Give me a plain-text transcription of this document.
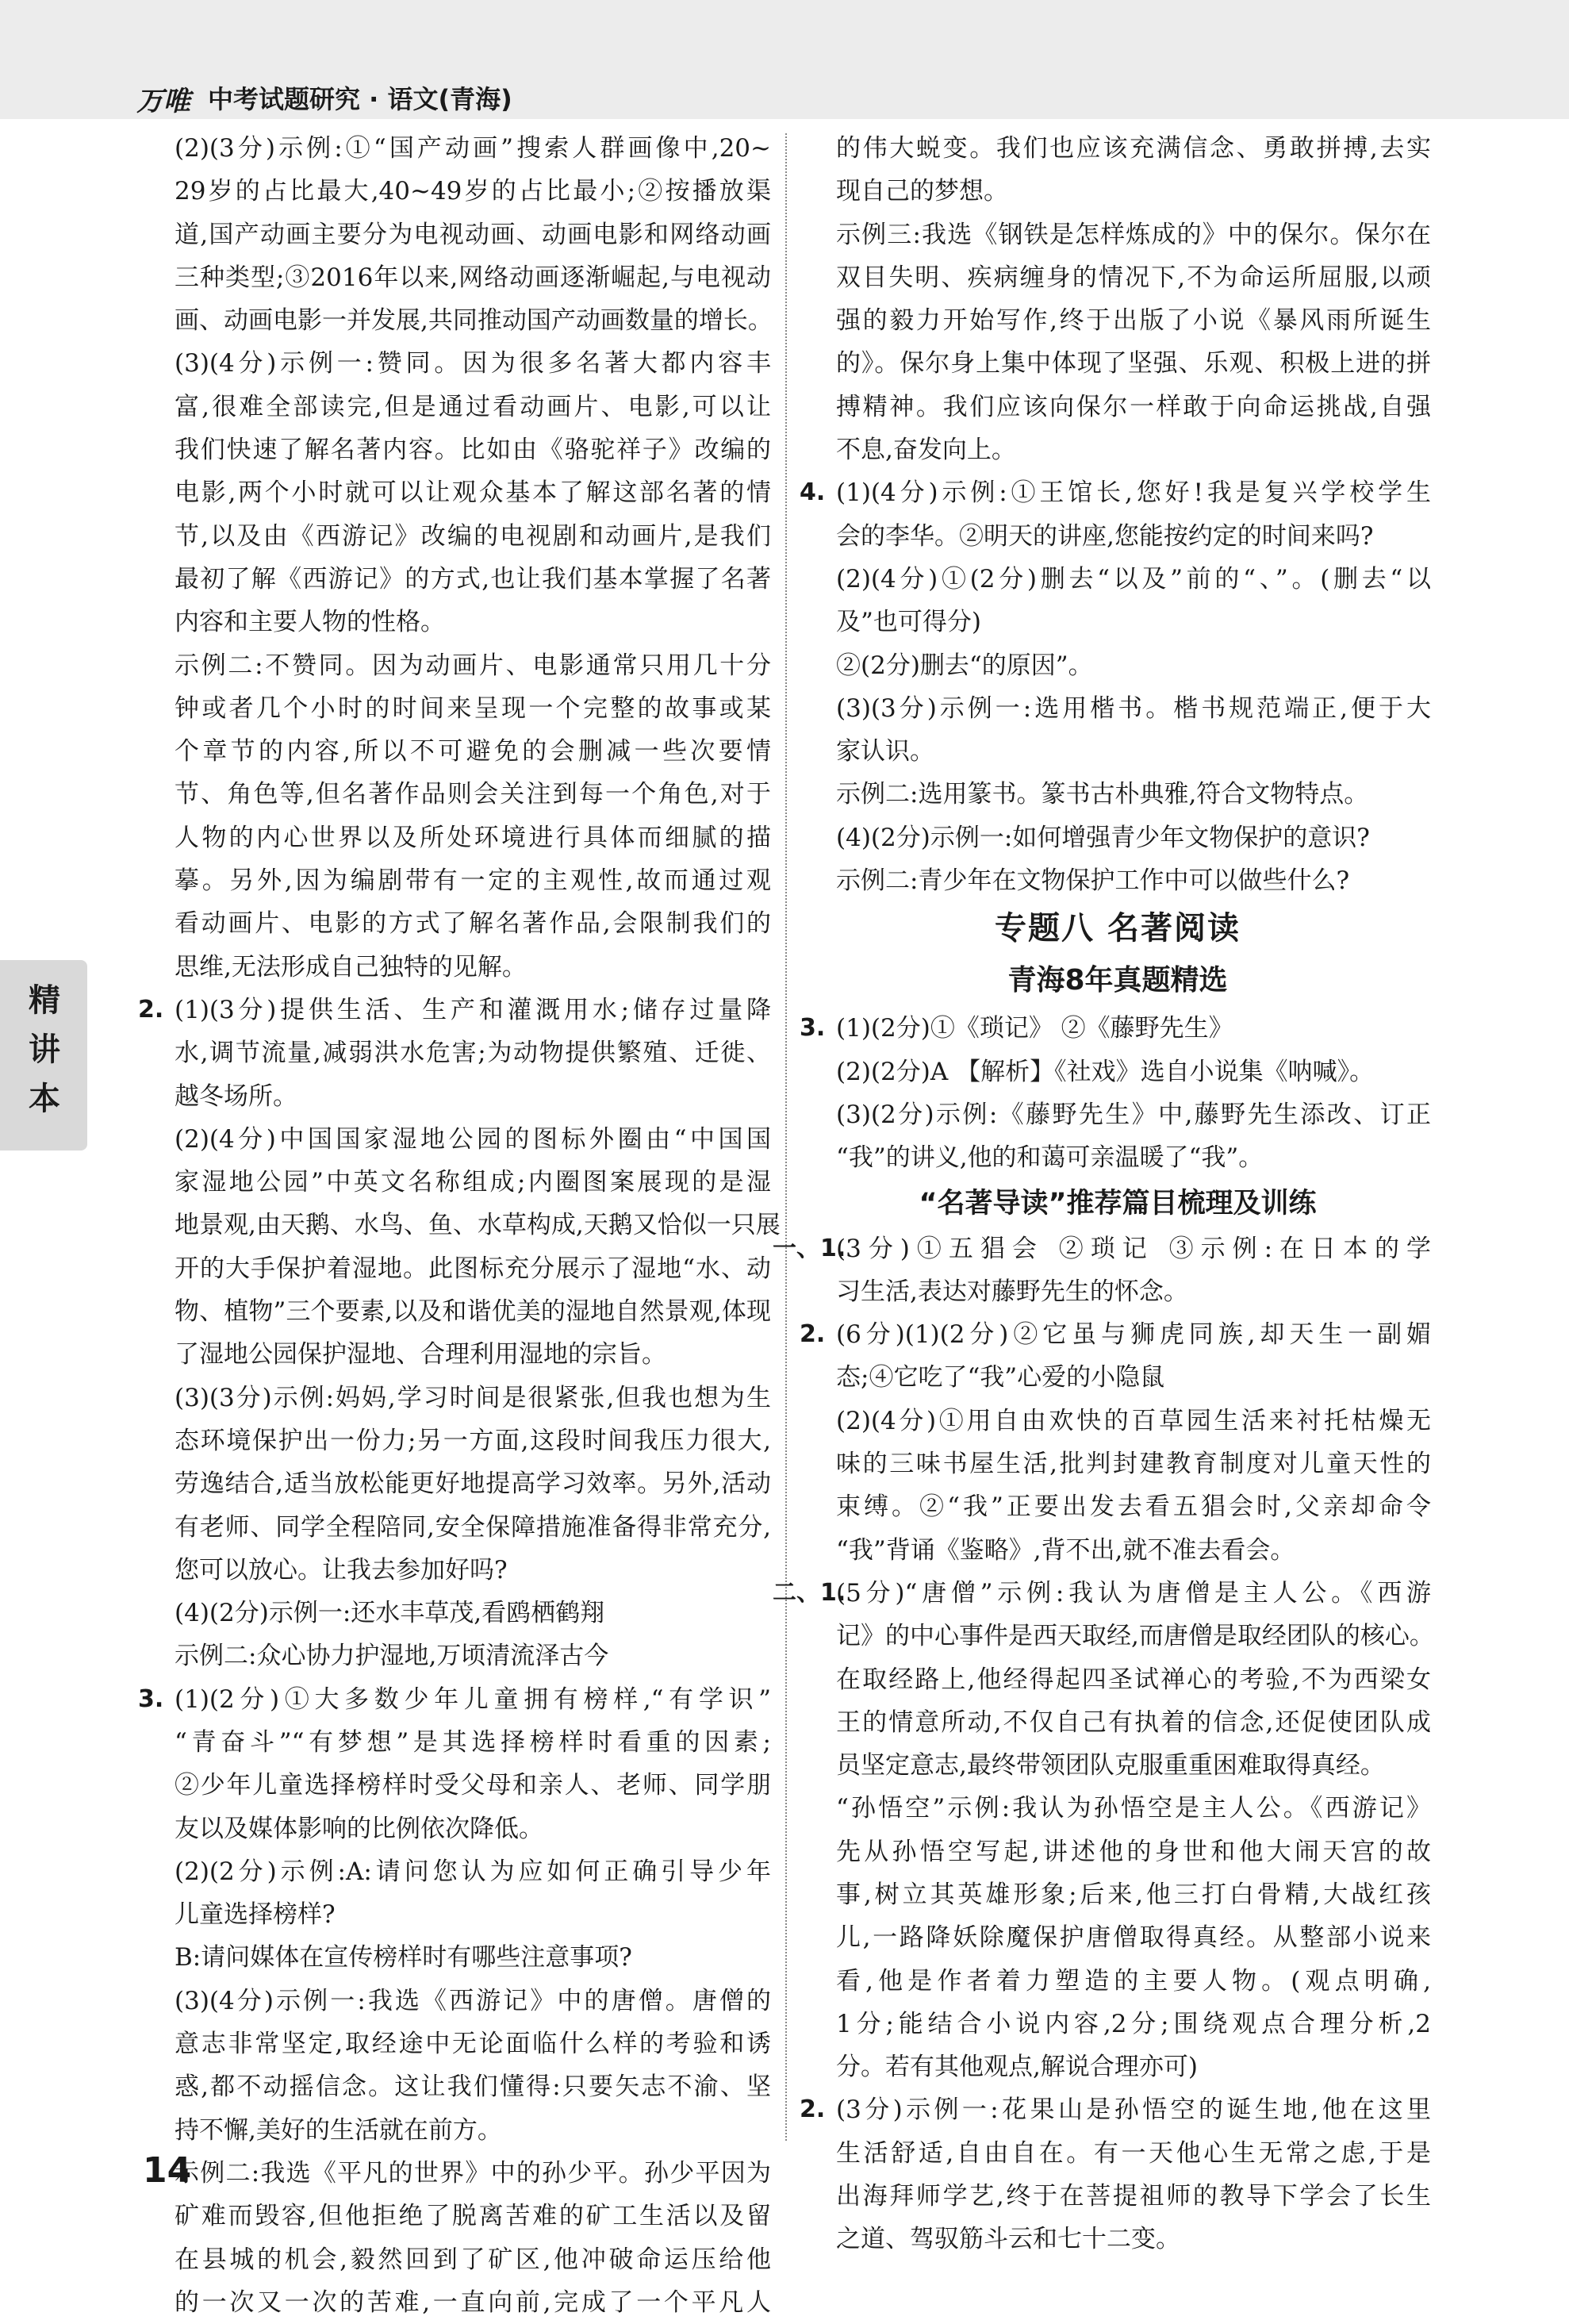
万唯 中考试题研究 · 语文(青海)
(2)(3分)示例:①“国产动画”搜索人群画像中,20~
29岁的占比最大,40~49岁的占比最小;②按播放渠
道,国产动画主要分为电视动画、动画电影和网络动画
三种类型;③2016年以来,网络动画逐渐崛起,与电视动
画、动画电影一并发展,共同推动国产动画数量的增长。
(3)(4分)示例一:赞同。因为很多名著大都内容丰
富,很难全部读完,但是通过看动画片、电影,可以让
我们快速了解名著内容。比如由《骆驼祥子》改编的
电影,两个小时就可以让观众基本了解这部名著的情
节,以及由《西游记》改编的电视剧和动画片,是我们
最初了解《西游记》的方式,也让我们基本掌握了名著
内容和主要人物的性格。
示例二:不赞同。因为动画片、电影通常只用几十分
钟或者几个小时的时间来呈现一个完整的故事或某
个章节的内容,所以不可避免的会删减一些次要情
节、角色等,但名著作品则会关注到每一个角色,对于
人物的内心世界以及所处环境进行具体而细腻的描
摹。另外,因为编剧带有一定的主观性,故而通过观
看动画片、电影的方式了解名著作品,会限制我们的
思维,无法形成自己独特的见解。
2. (1)(3分)提供生活、生产和灌溉用水;储存过量降
水,调节流量,减弱洪水危害;为动物提供繁殖、迁徙、
越冬场所。
(2)(4分)中国国家湿地公园的图标外圈由“中国国
家湿地公园”中英文名称组成;内圈图案展现的是湿
地景观,由天鹅、水鸟、鱼、水草构成,天鹅又恰似一只展
开的大手保护着湿地。此图标充分展示了湿地“水、动
物、植物”三个要素,以及和谐优美的湿地自然景观,体现
了湿地公园保护湿地、合理利用湿地的宗旨。
(3)(3分)示例:妈妈,学习时间是很紧张,但我也想为生
态环境保护出一份力;另一方面,这段时间我压力很大,
劳逸结合,适当放松能更好地提高学习效率。另外,活动
有老师、同学全程陪同,安全保障措施准备得非常充分,
您可以放心。让我去参加好吗?
(4)(2分)示例一:还水丰草茂,看鸥栖鹤翔
示例二:众心协力护湿地,万顷清流泽古今
3. (1)(2分)①大多数少年儿童拥有榜样,“有学识”
“青奋斗”“有梦想”是其选择榜样时看重的因素;
②少年儿童选择榜样时受父母和亲人、老师、同学朋
友以及媒体影响的比例依次降低。
(2)(2分)示例:A:请问您认为应如何正确引导少年
儿童选择榜样?
B:请问媒体在宣传榜样时有哪些注意事项?
(3)(4分)示例一:我选《西游记》中的唐僧。唐僧的
意志非常坚定,取经途中无论面临什么样的考验和诱
惑,都不动摇信念。这让我们懂得:只要矢志不渝、坚
持不懈,美好的生活就在前方。
示例二:我选《平凡的世界》中的孙少平。孙少平因为
矿难而毁容,但他拒绝了脱离苦难的矿工生活以及留
在县城的机会,毅然回到了矿区,他冲破命运压给他
的一次又一次的苦难,一直向前,完成了一个平凡人
的伟大蜕变。我们也应该充满信念、勇敢拼搏,去实
现自己的梦想。
示例三:我选《钢铁是怎样炼成的》中的保尔。保尔在
双目失明、疾病缠身的情况下,不为命运所屈服,以顽
强的毅力开始写作,终于出版了小说《暴风雨所诞生
的》。保尔身上集中体现了坚强、乐观、积极上进的拼
搏精神。我们应该向保尔一样敢于向命运挑战,自强
不息,奋发向上。
4. (1)(4分)示例:①王馆长,您好!我是复兴学校学生
会的李华。②明天的讲座,您能按约定的时间来吗?
(2)(4分)①(2分)删去“以及”前的“、”。(删去“以
及”也可得分)
②(2分)删去“的原因”。
(3)(3分)示例一:选用楷书。楷书规范端正,便于大
家认识。
示例二:选用篆书。篆书古朴典雅,符合文物特点。
(4)(2分)示例一:如何增强青少年文物保护的意识?
示例二:青少年在文物保护工作中可以做些什么?
专题八 名著阅读
青海8年真题精选
3. (1)(2分)①《琐记》 ②《藤野先生》
(2)(2分)A 【解析】《社戏》选自小说集《呐喊》。
(3)(2分)示例:《藤野先生》中,藤野先生添改、订正
“我”的讲义,他的和蔼可亲温暖了“我”。
“名著导读”推荐篇目梳理及训练
一、1.
(3分)①五猖会 ②琐记 ③示例:在日本的学
习生活,表达对藤野先生的怀念。
2. (6分)(1)(2分)②它虽与狮虎同族,却天生一副媚
态;④它吃了“我”心爱的小隐鼠
(2)(4分)①用自由欢快的百草园生活来衬托枯燥无
味的三味书屋生活,批判封建教育制度对儿童天性的
束缚。②“我”正要出发去看五猖会时,父亲却命令
“我”背诵《鉴略》,背不出,就不准去看会。
二、1.
(5分)“唐僧”示例:我认为唐僧是主人公。《西游
记》的中心事件是西天取经,而唐僧是取经团队的核心。
在取经路上,他经得起四圣试禅心的考验,不为西梁女
王的情意所动,不仅自己有执着的信念,还促使团队成
员坚定意志,最终带领团队克服重重困难取得真经。
“孙悟空”示例:我认为孙悟空是主人公。《西游记》
先从孙悟空写起,讲述他的身世和他大闹天宫的故
事,树立其英雄形象;后来,他三打白骨精,大战红孩
儿,一路降妖除魔保护唐僧取得真经。从整部小说来
看,他是作者着力塑造的主要人物。(观点明确,
1分;能结合小说内容,2分;围绕观点合理分析,2
分。若有其他观点,解说合理亦可)
2. (3分)示例一:花果山是孙悟空的诞生地,他在这里
生活舒适,自由自在。有一天他心生无常之虑,于是
出海拜师学艺,终于在菩提祖师的教导下学会了长生
之道、驾驭筋斗云和七十二变。
精讲本
14
